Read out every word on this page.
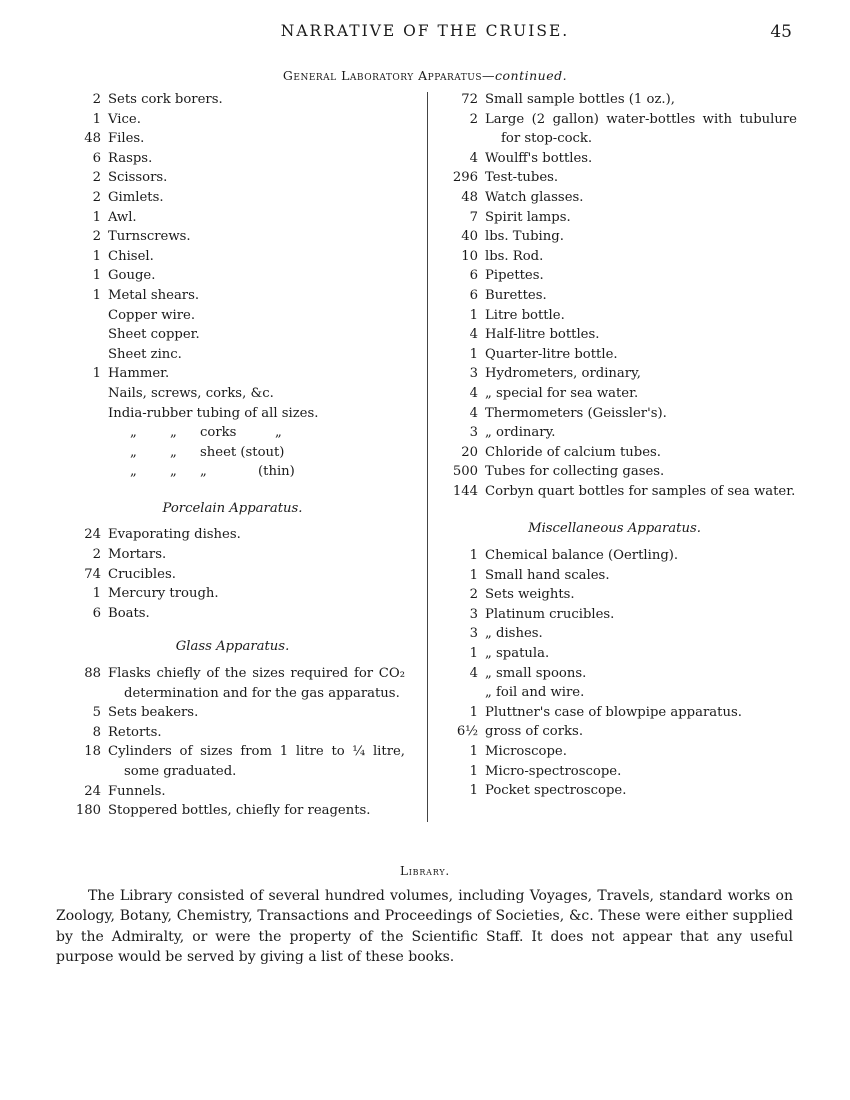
NARRATIVE OF THE CRUISE.	45
General Laboratory Apparatus—continued.
2 Sets cork borers.
1 Vice.
48 Files.
6 Rasps.
2 Scissors.
2 Gimlets.
1 Awl.
2 Turnscrews.
1 Chisel.
1 Gouge.
1 Metal shears.
Copper wire.
Sheet copper.
Sheet zinc.
1 Hammer.
Nails, screws, corks, &c.
India-rubber tubing of all sizes.
„	„ corks	„
„	„ sheet (stout)
„	„ „	(thin)
Porcelain Apparatus.
24 Evaporating dishes.
2 Mortars.
74 Crucibles.
1 Mercury trough.
6 Boats.
Glass Apparatus.
88 Flasks chiefly of the sizes required for CO₂ determination and for the gas apparatus.
5 Sets beakers.
8 Retorts.
18 Cylinders of sizes from 1 litre to ¼ litre, some graduated.
24 Funnels.
180 Stoppered bottles, chiefly for reagents.
72 Small sample bottles (1 oz.),
2 Large (2 gallon) water-bottles with tubulure for stop-cock.
4 Woulff's bottles.
296 Test-tubes.
48 Watch glasses.
7 Spirit lamps.
40 lbs. Tubing.
10 lbs. Rod.
6 Pipettes.
6 Burettes.
1 Litre bottle.
4 Half-litre bottles.
1 Quarter-litre bottle.
3 Hydrometers, ordinary,
4 „ special for sea water.
4 Thermometers (Geissler's).
3 „ ordinary.
20 Chloride of calcium tubes.
500 Tubes for collecting gases.
144 Corbyn quart bottles for samples of sea water.
Miscellaneous Apparatus.
1 Chemical balance (Oertling).
1 Small hand scales.
2 Sets weights.
3 Platinum crucibles.
3 „ dishes.
1 „ spatula.
4 „ small spoons.
„ foil and wire.
1 Pluttner's case of blowpipe apparatus.
6½ gross of corks.
1 Microscope.
1 Micro-spectroscope.
1 Pocket spectroscope.
Library.
The Library consisted of several hundred volumes, including Voyages, Travels, standard works on Zoology, Botany, Chemistry, Transactions and Proceedings of Societies, &c. These were either supplied by the Admiralty, or were the property of the Scientific Staff. It does not appear that any useful purpose would be served by giving a list of these books.
